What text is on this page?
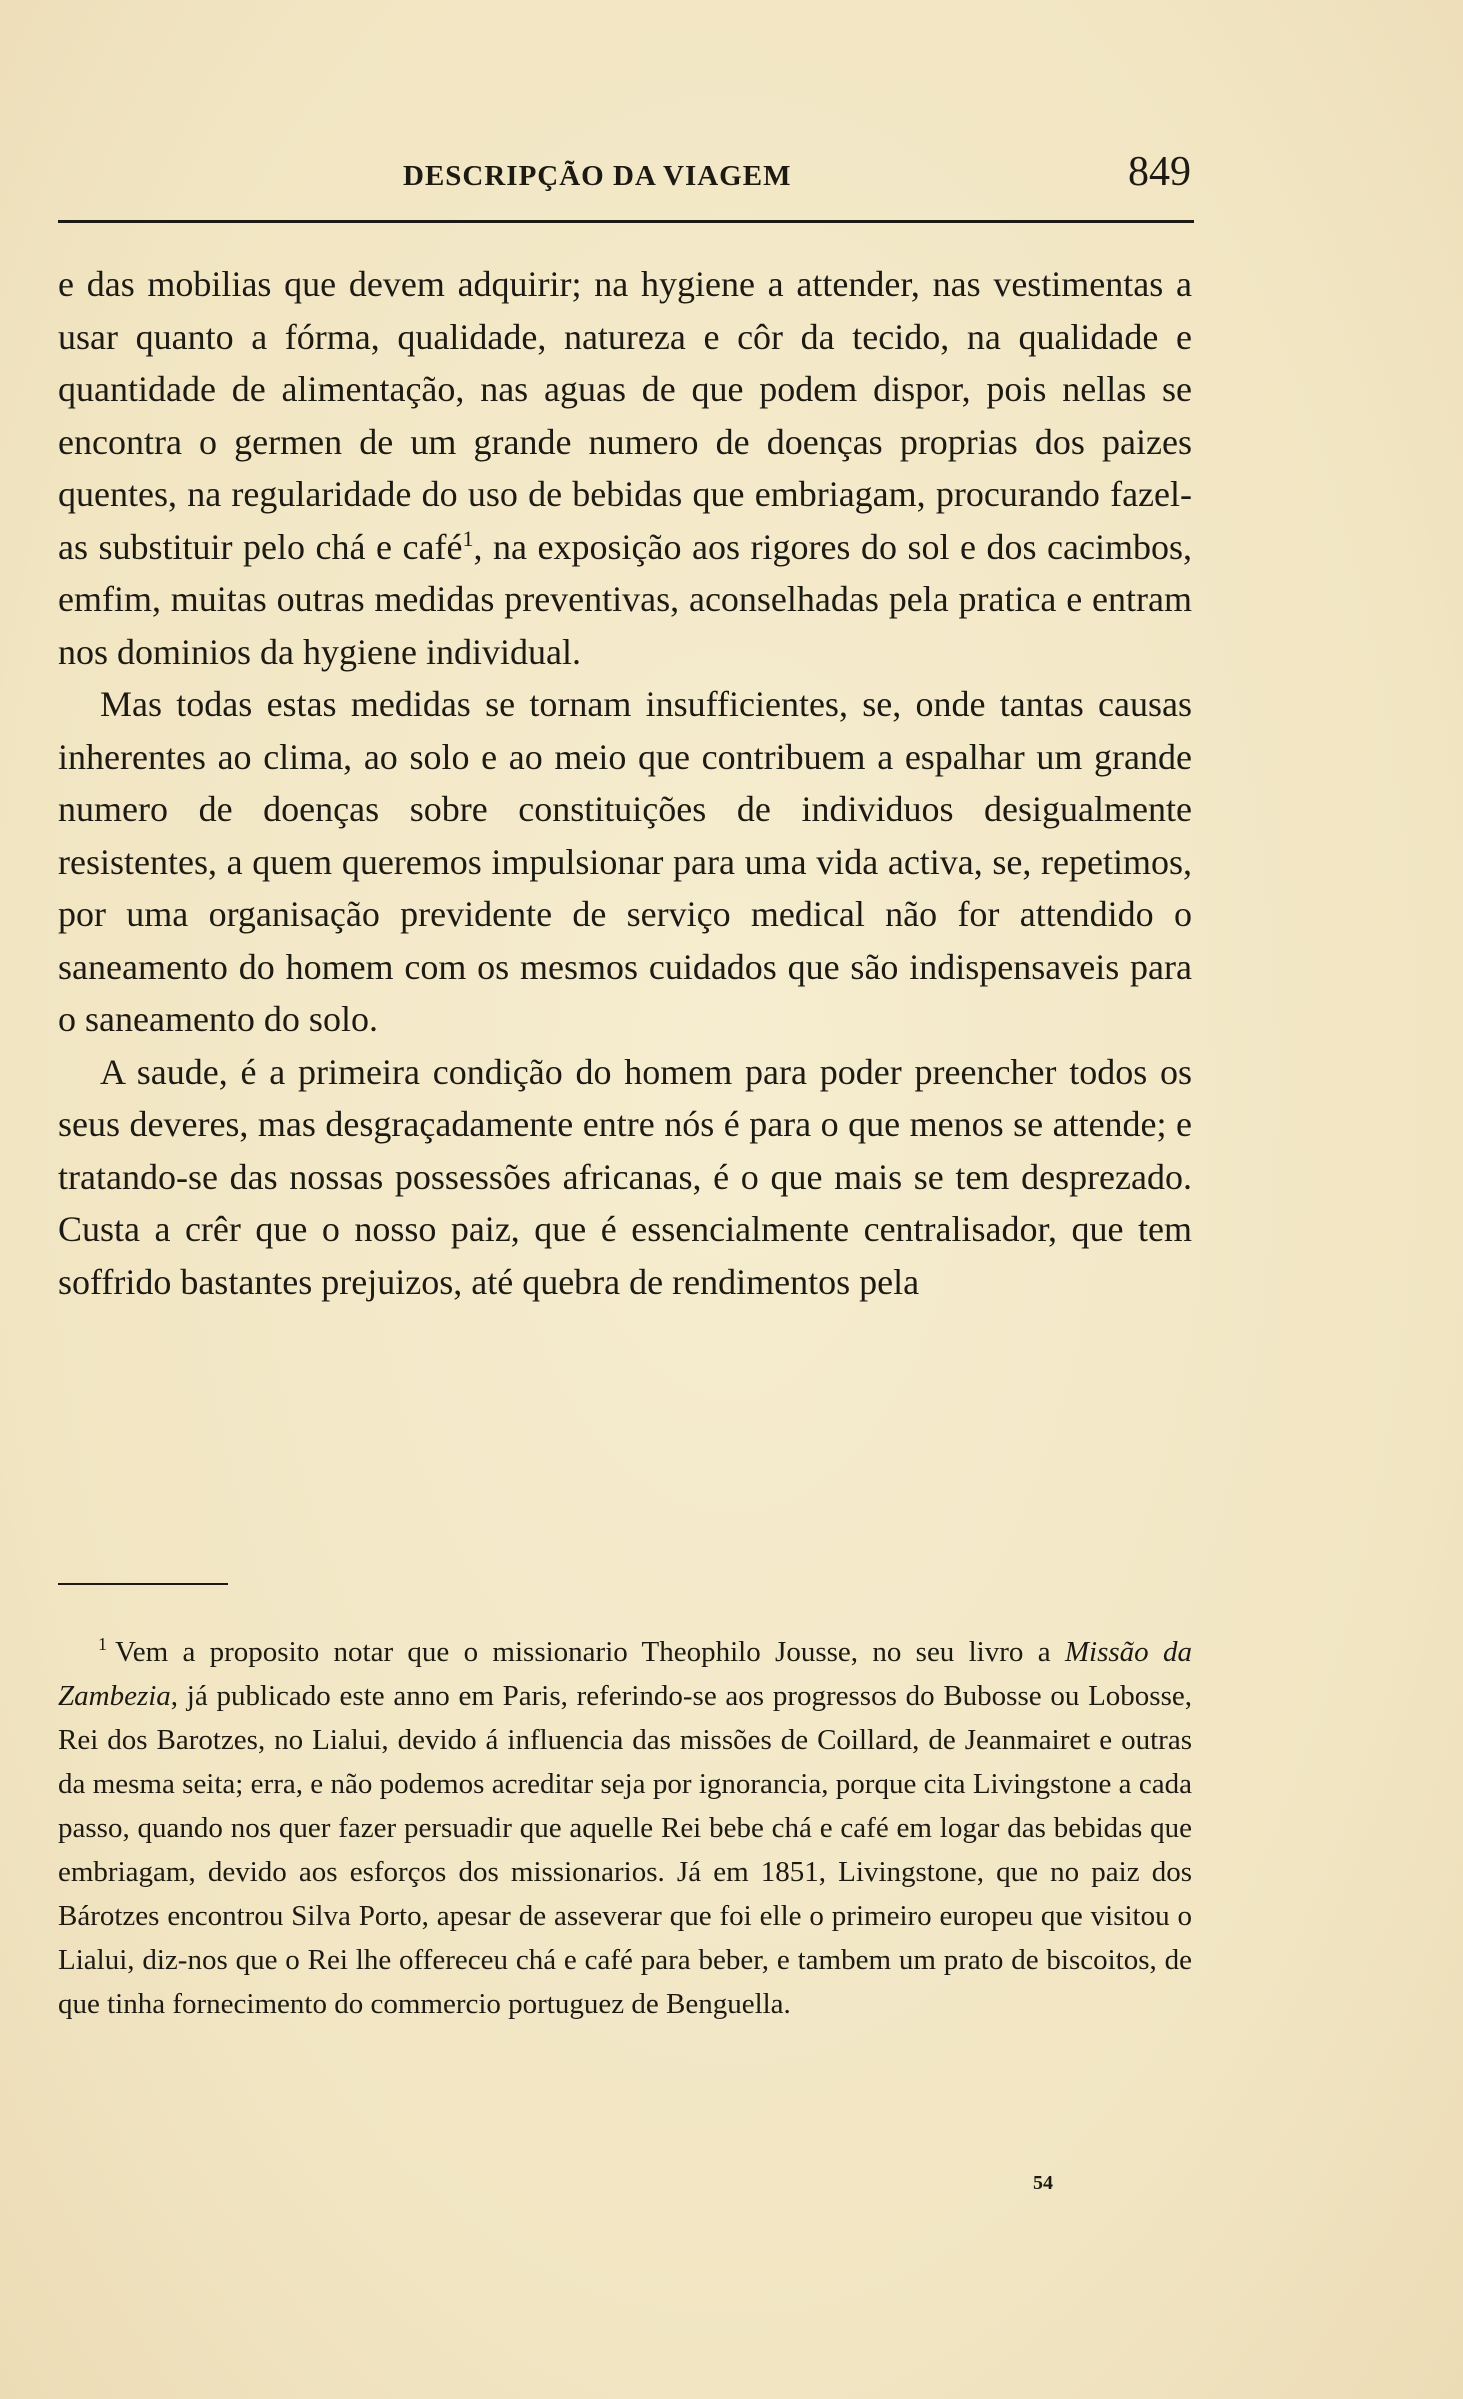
DESCRIPÇÃO DA VIAGEM	849

e das mobilias que devem adquirir; na hygiene a attender, nas vestimentas a usar quanto a fórma, qualidade, natureza e côr da tecido, na qualidade e quantidade de alimentação, nas aguas de que podem dispor, pois nellas se encontra o germen de um grande numero de doenças proprias dos paizes quentes, na regularidade do uso de bebidas que embriagam, procurando fazel-as substituir pelo chá e café$^1$, na exposição aos rigores do sol e dos cacimbos, emfim, muitas outras medidas preventivas, aconselhadas pela pratica e entram nos dominios da hygiene individual.

Mas todas estas medidas se tornam insufficientes, se, onde tantas causas inherentes ao clima, ao solo e ao meio que contribuem a espalhar um grande numero de doenças sobre constituições de individuos desigualmente resistentes, a quem queremos impulsionar para uma vida activa, se, repetimos, por uma organisação previdente de serviço medical não for attendido o saneamento do homem com os mesmos cuidados que são indispensaveis para o saneamento do solo.

A saude, é a primeira condição do homem para poder preencher todos os seus deveres, mas desgraçadamente entre nós é para o que menos se attende; e tratando-se das nossas possessões africanas, é o que mais se tem desprezado. Custa a crêr que o nosso paiz, que é essencialmente centralisador, que tem soffrido bastantes prejuizos, até quebra de rendimentos pela

$^1$ Vem a proposito notar que o missionario Theophilo Jousse, no seu livro a Missão da Zambezia, já publicado este anno em Paris, referindo-se aos progressos do Bubosse ou Lobosse, Rei dos Barotzes, no Lialui, devido á influencia das missões de Coillard, de Jeanmairet e outras da mesma seita; erra, e não podemos acreditar seja por ignorancia, porque cita Livingstone a cada passo, quando nos quer fazer persuadir que aquelle Rei bebe chá e café em logar das bebidas que embriagam, devido aos esforços dos missionarios. Já em 1851, Livingstone, que no paiz dos Bárotzes encontrou Silva Porto, apesar de asseverar que foi elle o primeiro europeu que visitou o Lialui, diz-nos que o Rei lhe offereceu chá e café para beber, e tambem um prato de biscoitos, de que tinha fornecimento do commercio portuguez de Benguella.

54
